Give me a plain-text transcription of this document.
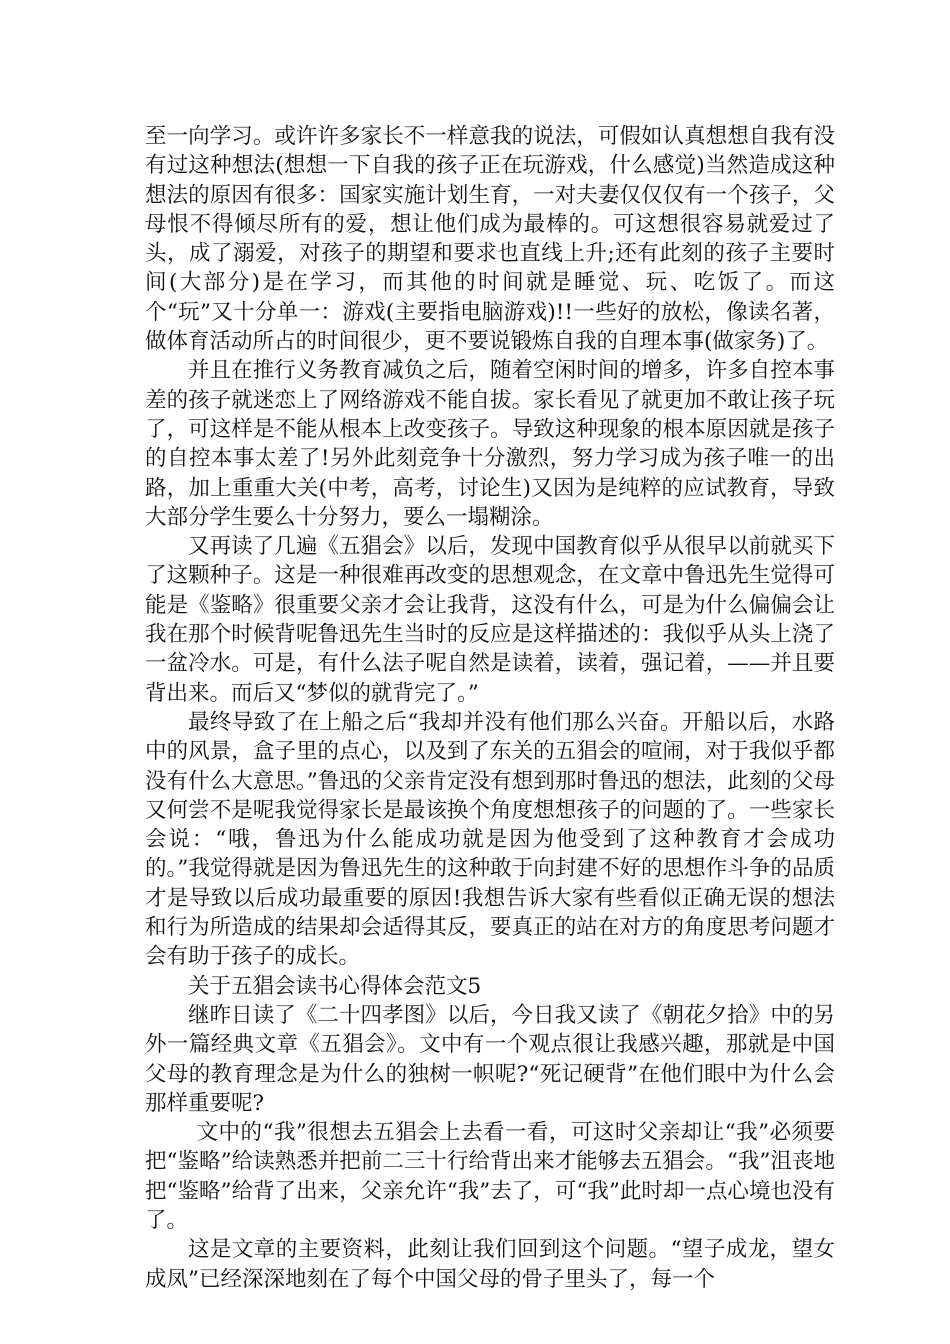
至一向学习。或许许多家长不一样意我的说法，可假如认真想想自我有没有过这种想法(想想一下自我的孩子正在玩游戏，什么感觉)当然造成这种想法的原因有很多：国家实施计划生育，一对夫妻仅仅仅有一个孩子，父母恨不得倾尽所有的爱，想让他们成为最棒的。可这想很容易就爱过了头，成了溺爱，对孩子的期望和要求也直线上升;还有此刻的孩子主要时间(大部分)是在学习，而其他的时间就是睡觉、玩、吃饭了。而这个“玩”又十分单一：游戏(主要指电脑游戏)!!一些好的放松，像读名著，做体育活动所占的时间很少，更不要说锻炼自我的自理本事(做家务)了。

并且在推行义务教育减负之后，随着空闲时间的增多，许多自控本事差的孩子就迷恋上了网络游戏不能自拔。家长看见了就更加不敢让孩子玩了，可这样是不能从根本上改变孩子。导致这种现象的根本原因就是孩子的自控本事太差了!另外此刻竞争十分激烈，努力学习成为孩子唯一的出路，加上重重大关(中考，高考，讨论生)又因为是纯粹的应试教育，导致大部分学生要么十分努力，要么一塌糊涂。

又再读了几遍《五猖会》以后，发现中国教育似乎从很早以前就买下了这颗种子。这是一种很难再改变的思想观念，在文章中鲁迅先生觉得可能是《鉴略》很重要父亲才会让我背，这没有什么，可是为什么偏偏会让我在那个时候背呢鲁迅先生当时的反应是这样描述的：我似乎从头上浇了一盆冷水。可是，有什么法子呢自然是读着，读着，强记着，——并且要背出来。而后又“梦似的就背完了。”

最终导致了在上船之后“我却并没有他们那么兴奋。开船以后，水路中的风景，盒子里的点心，以及到了东关的五猖会的喧闹，对于我似乎都没有什么大意思。”鲁迅的父亲肯定没有想到那时鲁迅的想法，此刻的父母又何尝不是呢我觉得家长是最该换个角度想想孩子的问题的了。一些家长会说：“哦，鲁迅为什么能成功就是因为他受到了这种教育才会成功的。”我觉得就是因为鲁迅先生的这种敢于向封建不好的思想作斗争的品质才是导致以后成功最重要的原因!我想告诉大家有些看似正确无误的想法和行为所造成的结果却会适得其反，要真正的站在对方的角度思考问题才会有助于孩子的成长。

关于五猖会读书心得体会范文5

继昨日读了《二十四孝图》以后，今日我又读了《朝花夕拾》中的另外一篇经典文章《五猖会》。文中有一个观点很让我感兴趣，那就是中国父母的教育理念是为什么的独树一帜呢?“死记硬背”在他们眼中为什么会那样重要呢?

文中的“我”很想去五猖会上去看一看，可这时父亲却让“我”必须要把“鉴略”给读熟悉并把前二三十行给背出来才能够去五猖会。“我”沮丧地把“鉴略”给背了出来，父亲允许“我”去了，可“我”此时却一点心境也没有了。

这是文章的主要资料，此刻让我们回到这个问题。“望子成龙，望女成凤”已经深深地刻在了每个中国父母的骨子里头了，每一个
